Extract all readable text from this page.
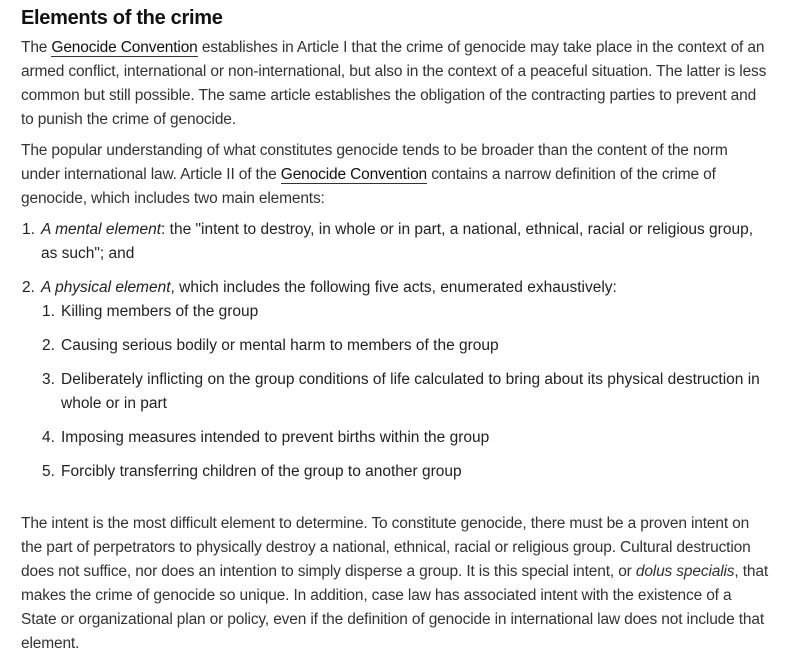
Elements of the crime

The Genocide Convention establishes in Article I that the crime of genocide may take place in the context of an armed conflict, international or non-international, but also in the context of a peaceful situation. The latter is less common but still possible. The same article establishes the obligation of the contracting parties to prevent and to punish the crime of genocide.

The popular understanding of what constitutes genocide tends to be broader than the content of the norm under international law. Article II of the Genocide Convention contains a narrow definition of the crime of genocide, which includes two main elements:

1. A mental element: the "intent to destroy, in whole or in part, a national, ethnical, racial or religious group, as such"; and
2. A physical element, which includes the following five acts, enumerated exhaustively:
1. Killing members of the group
2. Causing serious bodily or mental harm to members of the group
3. Deliberately inflicting on the group conditions of life calculated to bring about its physical destruction in whole or in part
4. Imposing measures intended to prevent births within the group
5. Forcibly transferring children of the group to another group

The intent is the most difficult element to determine. To constitute genocide, there must be a proven intent on the part of perpetrators to physically destroy a national, ethnical, racial or religious group. Cultural destruction does not suffice, nor does an intention to simply disperse a group. It is this special intent, or dolus specialis, that makes the crime of genocide so unique. In addition, case law has associated intent with the existence of a State or organizational plan or policy, even if the definition of genocide in international law does not include that element.
